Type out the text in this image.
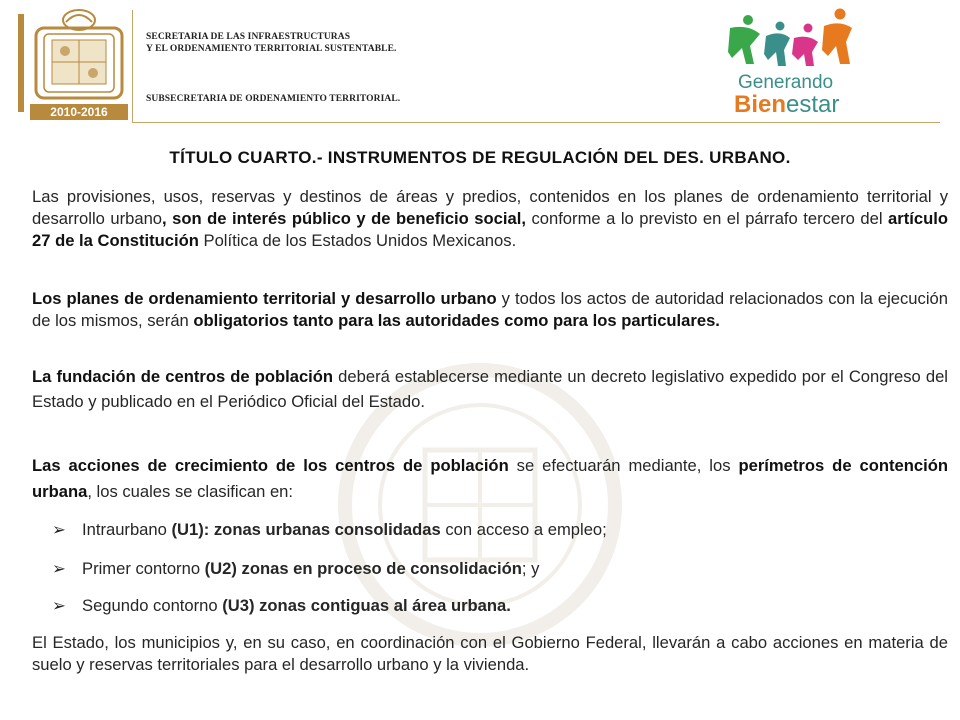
2010-2016
SECRETARIA DE LAS INFRAESTRUCTURAS
Y EL ORDENAMIENTO TERRITORIAL SUSTENTABLE.
SUBSECRETARIA DE ORDENAMIENTO TERRITORIAL.
Generando
Bienestar
TÍTULO CUARTO.- INSTRUMENTOS DE REGULACIÓN DEL DES. URBANO.
Las provisiones, usos, reservas y destinos de áreas y predios, contenidos en los planes de ordenamiento territorial y desarrollo urbano, son de interés público y de beneficio social, conforme a lo previsto en el párrafo tercero del artículo 27 de la Constitución Política de los Estados Unidos Mexicanos.
Los planes de ordenamiento territorial y desarrollo urbano y todos los actos de autoridad relacionados con la ejecución de los mismos, serán obligatorios tanto para las autoridades como para los particulares.
La fundación de centros de población deberá establecerse mediante un decreto legislativo expedido por el Congreso del Estado y publicado en el Periódico Oficial del Estado.
Las acciones de crecimiento de los centros de población se efectuarán mediante, los perímetros de contención urbana, los cuales se clasifican en:
➢ Intraurbano (U1): zonas urbanas consolidadas con acceso a empleo;
➢ Primer contorno (U2) zonas en proceso de consolidación; y
➢ Segundo contorno (U3) zonas contiguas al área urbana.
El Estado, los municipios y, en su caso, en coordinación con el Gobierno Federal, llevarán a cabo acciones en materia de suelo y reservas territoriales para el desarrollo urbano y la vivienda.
